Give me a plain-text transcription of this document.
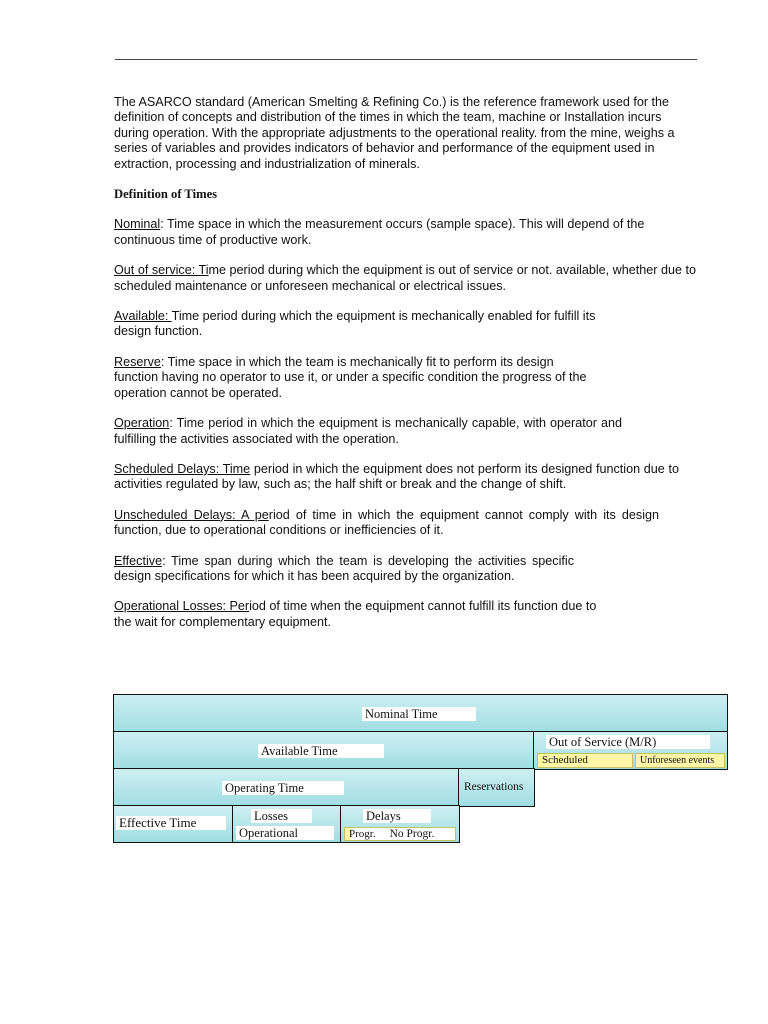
The ASARCO standard (American Smelting & Refining Co.) is the reference framework used for the definition of concepts and distribution of the times in which the team, machine or Installation incurs during operation. With the appropriate adjustments to the operational reality. from the mine, weighs a series of variables and provides indicators of behavior and performance of the equipment used in extraction, processing and industrialization of minerals.

Definition of Times

Nominal: Time space in which the measurement occurs (sample space). This will depend of the continuous time of productive work.

Out of service: Time period during which the equipment is out of service or not. available, whether due to scheduled maintenance or unforeseen mechanical or electrical issues.

Available: Time period during which the equipment is mechanically enabled for fulfill its design function.

Reserve: Time space in which the team is mechanically fit to perform its design function having no operator to use it, or under a specific condition the progress of the operation cannot be operated.

Operation: Time period in which the equipment is mechanically capable, with operator and fulfilling the activities associated with the operation.

Scheduled Delays: Time period in which the equipment does not perform its designed function due to activities regulated by law, such as; the half shift or break and the change of shift.

Unscheduled Delays: A period of time in which the equipment cannot comply with its design function, due to operational conditions or inefficiencies of it.

Effective: Time span during which the team is developing the activities specific design specifications for which it has been acquired by the organization.

Operational Losses: Period of time when the equipment cannot fulfill its function due to the wait for complementary equipment.

Nominal Time
Available Time
Out of Service (M/R)
Scheduled	Unforeseen events
Operating Time	Reservations
Effective Time	Losses
Operational
Delays
Progr. No Progr.
